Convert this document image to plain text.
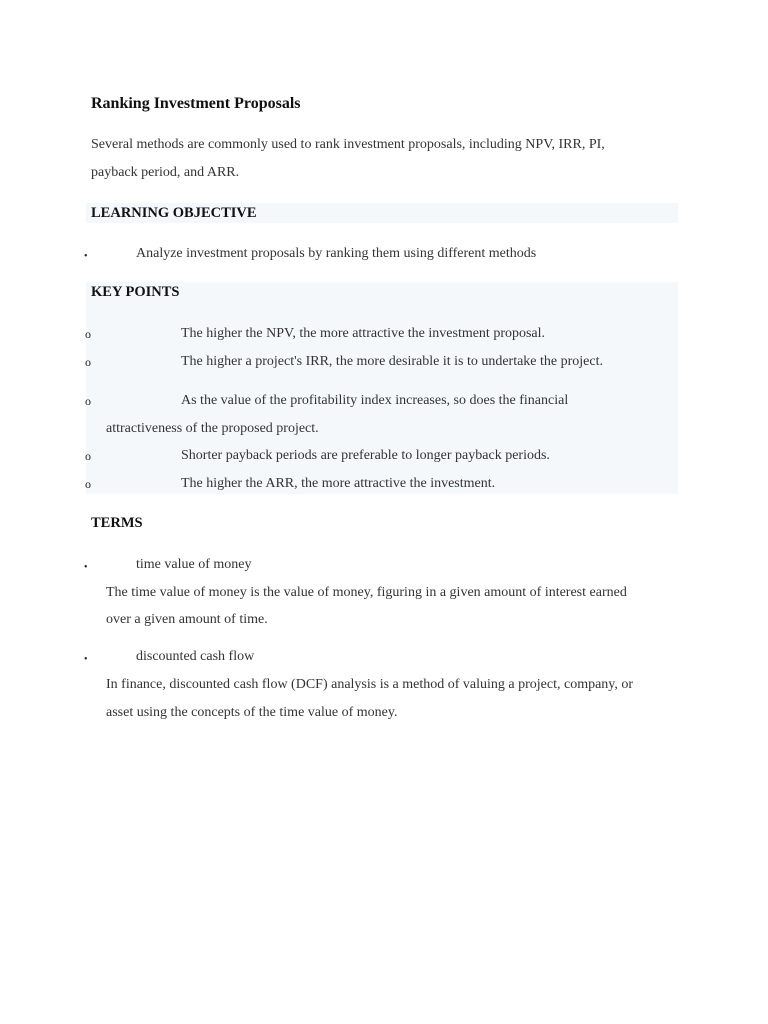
Ranking Investment Proposals
Several methods are commonly used to rank investment proposals, including NPV, IRR, PI,
payback period, and ARR.
LEARNING OBJECTIVE
•	Analyze investment proposals by ranking them using different methods
KEY POINTS
o	The higher the NPV, the more attractive the investment proposal.
o	The higher a project's IRR, the more desirable it is to undertake the project.
o	As the value of the profitability index increases, so does the financial
attractiveness of the proposed project.
o	Shorter payback periods are preferable to longer payback periods.
o	The higher the ARR, the more attractive the investment.
TERMS
•	time value of money
The time value of money is the value of money, figuring in a given amount of interest earned
over a given amount of time.
•	discounted cash flow
In finance, discounted cash flow (DCF) analysis is a method of valuing a project, company, or
asset using the concepts of the time value of money.
